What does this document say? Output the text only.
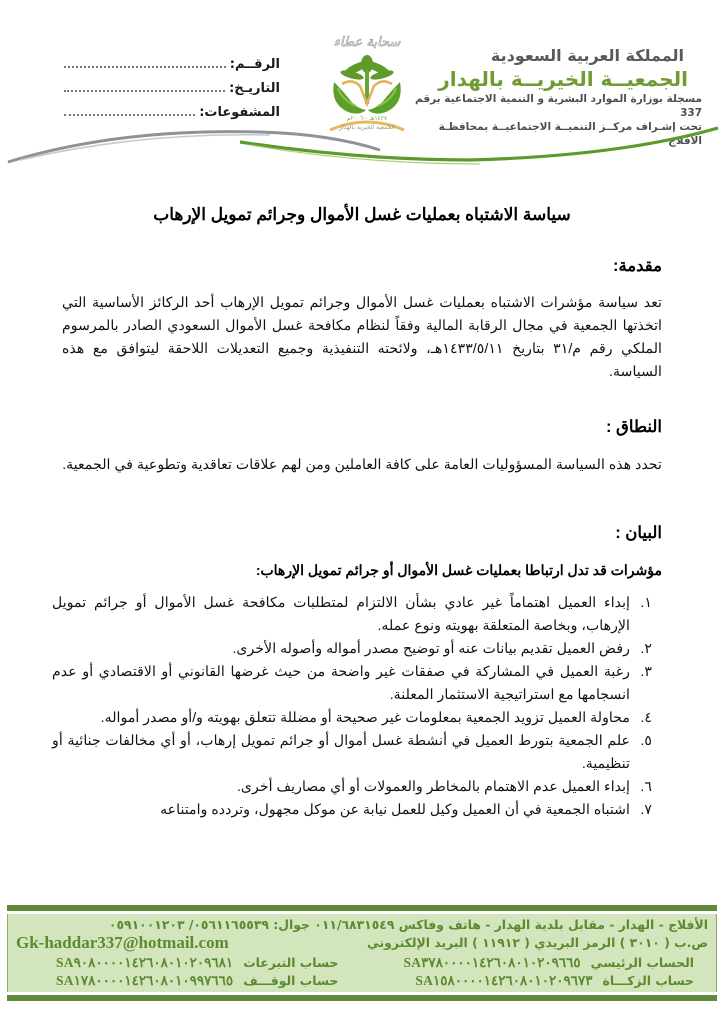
المملكة العربية السعودية
الجمعيــة الخيريــة بالهدار
مسجلة بوزارة الموارد البشرية و التنمية الاجتماعية برقم 337
تحت إشـراف مركــز التنميــة الاجتماعيــة بمحافظـة الأفلاج
سحابة عطاء
١٤٢٧هـ - ٢٠٠٦م
الجمعية الخيرية بالهدار
الرقــم:
التاريـخ:
المشفوعات:
سياسة الاشتباه بعمليات غسل الأموال وجرائم تمويل الإرهاب
مقدمة:
تعد سياسة مؤشرات الاشتباه بعمليات غسل الأموال وجرائم تمويل الإرهاب أحد الركائز الأساسية التي اتخذتها الجمعية في مجال الرقابة المالية وفقاً لنظام مكافحة غسل الأموال السعودي الصادر بالمرسوم الملكي رقم م/٣١ بتاريخ ١٤٣٣/٥/١١هـ، ولائحته التنفيذية وجميع التعديلات اللاحقة ليتوافق مع هذه السياسة.
النطاق :
تحدد هذه السياسة المسؤوليات العامة على كافة العاملين ومن لهم علاقات تعاقدية وتطوعية في الجمعية.
البيان :
مؤشرات قد تدل ارتباطا بعمليات غسل الأموال أو جرائم تمويل الإرهاب:
١.
إبداء العميل اهتماماً غير عادي بشأن الالتزام لمتطلبات مكافحة غسل الأموال أو جرائم تمويل الإرهاب، وبخاصة المتعلقة بهويته ونوع عمله.
٢.
رفض العميل تقديم بيانات عنه أو توضيح مصدر أمواله وأصوله الأخرى.
٣.
رغبة العميل في المشاركة في صفقات غير واضحة من حيث غرضها القانوني أو الاقتصادي أو عدم انسجامها مع استراتيجية الاستثمار المعلنة.
٤.
محاولة العميل تزويد الجمعية بمعلومات غير صحيحة أو مضللة تتعلق بهويته و/أو مصدر أمواله.
٥.
علم الجمعية بتورط العميل في أنشطة غسل أموال أو جرائم تمويل إرهاب، أو أي مخالفات جنائية أو تنظيمية.
٦.
إبداء العميل عدم الاهتمام بالمخاطر والعمولات أو أي مصاريف أخرى.
٧.
اشتباه الجمعية في أن العميل وكيل للعمل نيابة عن موكل مجهول، وتردده وامتناعه
الأفلاج - الهدار - مقابل بلدية الهدار - هاتف وفاكس ٠١١/٦٨٣١٥٤٩ جوال: ٠٥٦١١٦٥٥٣٩/ ٠٥٩١٠٠١٢٠٣
ص.ب ( ٣٠١٠ ) الرمز البريدي ( ١١٩١٢ ) البريد الإلكتروني
Gk-haddar337@hotmail.com
الحساب الرئيسي
SA٣٧٨٠٠٠٠١٤٢٦٠٨٠١٠٢٠٩٦٦٥
حساب التبرعات
SA٩٠٨٠٠٠٠١٤٢٦٠٨٠١٠٢٠٩٦٨١
حساب الزكـــاة
SA١٥٨٠٠٠٠١٤٢٦٠٨٠١٠٢٠٩٦٧٣
حساب الوقـــف
SA١٧٨٠٠٠٠١٤٢٦٠٨٠١٠٩٩٧٦٦٥
